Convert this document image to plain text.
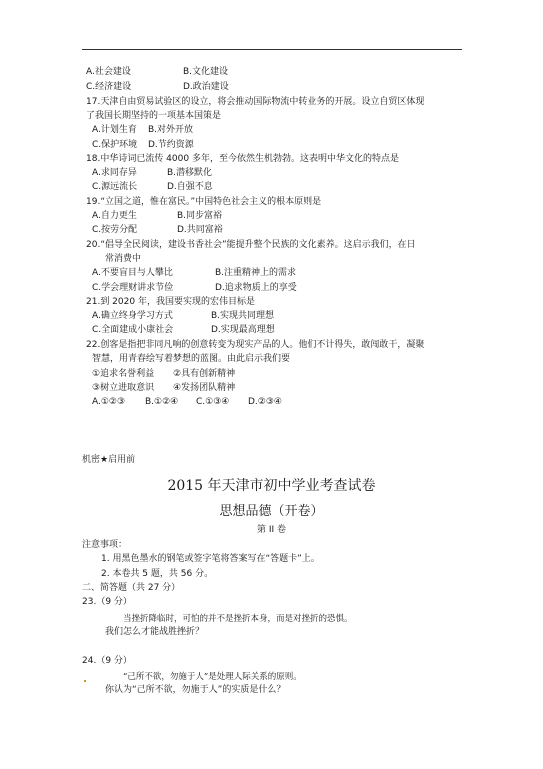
A.社会建设	B.文化建设
C.经济建设	D.政治建设
17.天津自由贸易试验区的设立，将会推动国际物流中转业务的开展。设立自贸区体现
了我国长期坚持的一项基本国策是
A.计划生育 B.对外开放
C.保护环境 D.节约资源
18.中华诗词已流传 4000 多年，至今依然生机勃勃。这表明中华文化的特点是
A.求同存异	B.潜移默化
C.源远流长	D.自强不息
19.“立国之道，惟在富民。”中国特色社会主义的根本原则是
A.自力更生	B.同步富裕
C.按劳分配	D.共同富裕
20.“倡导全民阅读，建设书香社会”能提升整个民族的文化素养。这启示我们，在日
常消费中
A.不要盲目与人攀比	B.注重精神上的需求
C.学会理财讲求节俭	D.追求物质上的享受
21.到 2020 年，我国要实现的宏伟目标是
A.确立终身学习方式	B.实现共同理想
C.全面建成小康社会	D.实现最高理想
22.创客是指把非同凡响的创意转变为现实产品的人。他们不计得失，敢闯敢干，凝聚
智慧，用青春绘写着梦想的蓝图。由此启示我们要
①追求名誉利益 ②具有创新精神
③树立进取意识 ④发扬团队精神
A.①②③ B.①②④ C.①③④ D.②③④
机密★启用前
2015 年天津市初中学业考查试卷
思想品德（开卷）
第 II 卷
注意事项：
1. 用黑色墨水的钢笔或签字笔将答案写在“答题卡”上。
2. 本卷共 5 题，共 56 分。
二、简答题（共 27 分）
23.（9 分）
当挫折降临时，可怕的并不是挫折本身，而是对挫折的恐惧。
我们怎么才能战胜挫折？
24.（9 分）
“己所不欲，勿施于人”是处理人际关系的原则。
你认为“己所不欲，勿施于人”的实质是什么？
